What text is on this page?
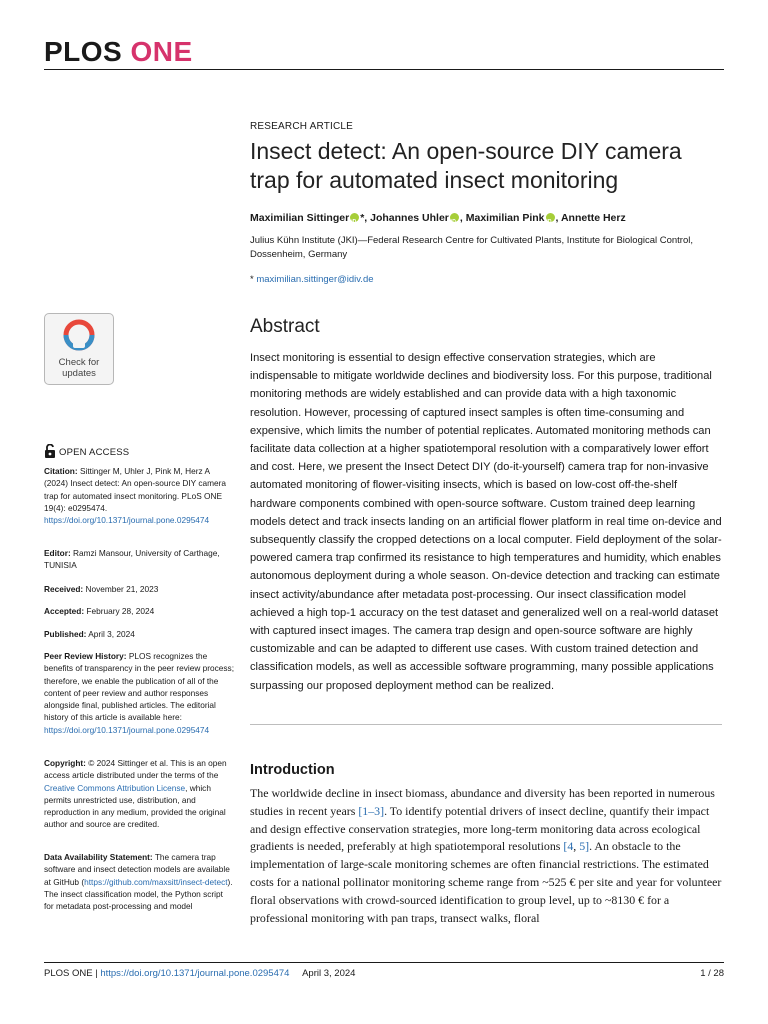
PLOS ONE
RESEARCH ARTICLE
Insect detect: An open-source DIY camera trap for automated insect monitoring
Maximilian Sittinger iD *, Johannes Uhler iD , Maximilian Pink iD , Annette Herz
Julius Kühn Institute (JKI)—Federal Research Centre for Cultivated Plants, Institute for Biological Control, Dossenheim, Germany
* maximilian.sittinger@idiv.de
Abstract
Insect monitoring is essential to design effective conservation strategies, which are indispensable to mitigate worldwide declines and biodiversity loss. For this purpose, traditional monitoring methods are widely established and can provide data with a high taxonomic resolution. However, processing of captured insect samples is often time-consuming and expensive, which limits the number of potential replicates. Automated monitoring methods can facilitate data collection at a higher spatiotemporal resolution with a comparatively lower effort and cost. Here, we present the Insect Detect DIY (do-it-yourself) camera trap for non-invasive automated monitoring of flower-visiting insects, which is based on low-cost off-the-shelf hardware components combined with open-source software. Custom trained deep learning models detect and track insects landing on an artificial flower platform in real time on-device and subsequently classify the cropped detections on a local computer. Field deployment of the solar-powered camera trap confirmed its resistance to high temperatures and humidity, which enables autonomous deployment during a whole season. On-device detection and tracking can estimate insect activity/abundance after metadata post-processing. Our insect classification model achieved a high top-1 accuracy on the test dataset and generalized well on a real-world dataset with captured insect images. The camera trap design and open-source software are highly customizable and can be adapted to different use cases. With custom trained detection and classification models, as well as accessible software programming, many possible applications surpassing our proposed deployment method can be realized.
Introduction
The worldwide decline in insect biomass, abundance and diversity has been reported in numerous studies in recent years [1–3]. To identify potential drivers of insect decline, quantify their impact and design effective conservation strategies, more long-term monitoring data across ecological gradients is needed, preferably at high spatiotemporal resolutions [4, 5]. An obstacle to the implementation of large-scale monitoring schemes are often financial restrictions. The estimated costs for a national pollinator monitoring scheme range from ~525 € per site and year for volunteer floral observations with crowd-sourced identification to group level, up to ~8130 € for a professional monitoring with pan traps, transect walks, floral
Check for
updates
OPEN ACCESS
Citation: Sittinger M, Uhler J, Pink M, Herz A (2024) Insect detect: An open-source DIY camera trap for automated insect monitoring. PLoS ONE 19(4): e0295474. https://doi.org/10.1371/journal.pone.0295474
Editor: Ramzi Mansour, University of Carthage, TUNISIA
Received: November 21, 2023
Accepted: February 28, 2024
Published: April 3, 2024
Peer Review History: PLOS recognizes the benefits of transparency in the peer review process; therefore, we enable the publication of all of the content of peer review and author responses alongside final, published articles. The editorial history of this article is available here: https://doi.org/10.1371/journal.pone.0295474
Copyright: © 2024 Sittinger et al. This is an open access article distributed under the terms of the Creative Commons Attribution License, which permits unrestricted use, distribution, and reproduction in any medium, provided the original author and source are credited.
Data Availability Statement: The camera trap software and insect detection models are available at GitHub (https://github.com/maxsitt/insect-detect). The insect classification model, the Python script for metadata post-processing and model
PLOS ONE | https://doi.org/10.1371/journal.pone.0295474 April 3, 2024	1 / 28
